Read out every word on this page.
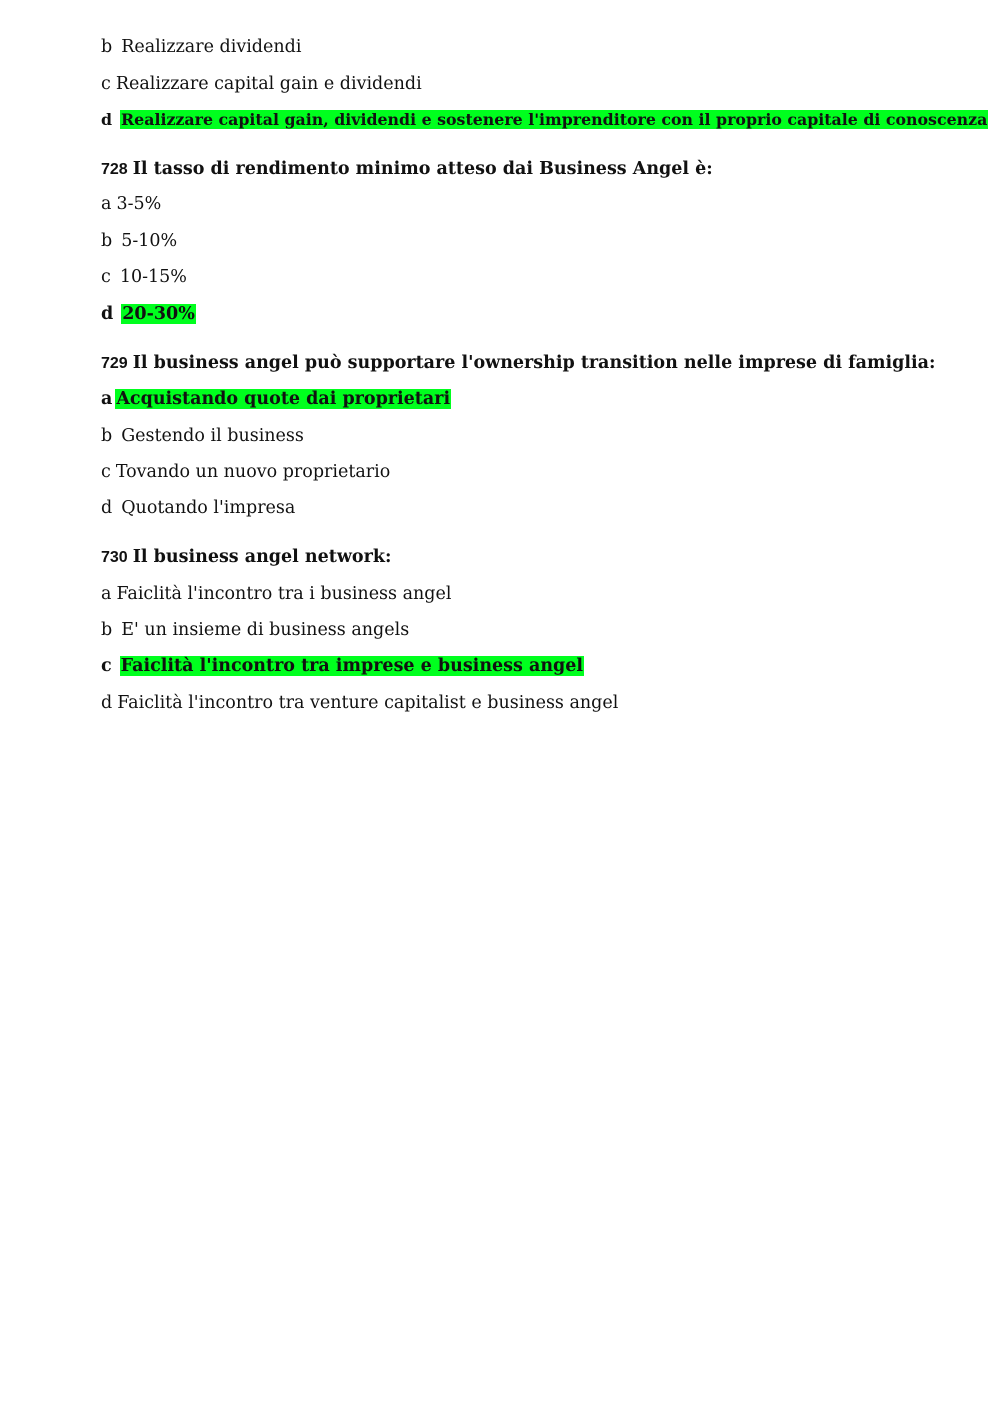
b Realizzare dividendi
c Realizzare capital gain e dividendi
d Realizzare capital gain, dividendi e sostenere l'imprenditore con il proprio capitale di conoscenza
728 Il tasso di rendimento minimo atteso dai Business Angel è:
a 3-5%
b 5-10%
c 10-15%
d 20-30%
729 Il business angel può supportare l'ownership transition nelle imprese di famiglia:
a Acquistando quote dai proprietari
b Gestendo il business
c Tovando un nuovo proprietario
d Quotando l'impresa
730 Il business angel network:
a Faiclità l'incontro tra i business angel
b E' un insieme di business angels
c Faiclità l'incontro tra imprese e business angel
d Faiclità l'incontro tra venture capitalist e business angel
